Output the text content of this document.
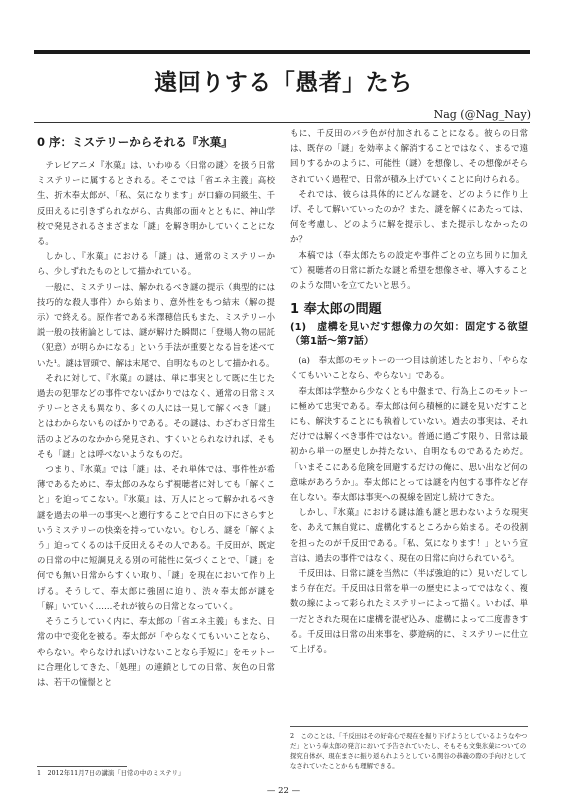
遠回りする「愚者」たち
Nag (@Nag_Nay)
0 序：ミステリーからそれる『氷菓』

テレビアニメ『氷菓』は、いわゆる〈日常の謎〉を扱う日常ミステリーに属するとされる。そこでは「省エネ主義」高校生、折木奉太郎が、「私、気になります」が口癖の同級生、千反田えるに引きずられながら、古典部の面々とともに、神山学校で発見されるさまざまな「謎」を解き明かしていくことになる。

しかし、『氷菓』における「謎」は、通常のミステリーから、少しずれたものとして描かれている。

一般に、ミステリーは、解かれるべき謎の提示（典型的には技巧的な殺人事件）から始まり、意外性をもつ結末（解の提示）で終える。原作者である米澤穂信氏もまた、ミステリー小説一般の技術論としては、謎が解けた瞬間に「登場人物の屈託（犯意）が明らかになる」という手法が重要となる旨を述べていた¹。謎は冒頭で、解は末尾で、自明なものとして描かれる。

それに対して、『氷菓』の謎は、単に事実として既に生じた過去の犯罪などの事件でないばかりではなく、通常の日常ミステリーとさえも異なり、多くの人には一見して解くべき「謎」とはわからないものばかりである。その謎は、わざわざ日常生活のよどみのなかから発見され、すくいとられなければ、そもそも「謎」とは呼べないようなものだ。

つまり、『氷菓』では「謎」は、それ単体では、事件性が希薄であるために、奉太郎のみならず視聴者に対しても「解くこと」を迫ってこない。『氷菓』は、万人にとって解かれるべき謎を過去の単一の事実へと遡行することで白日の下にさらすというミステリーの快楽を持っていない。むしろ、謎を「解くよう」迫ってくるのは千反田えるその人である。千反田が、既定の日常の中に短調見える別の可能性に気づくことで、「謎」を何でも無い日常からすくい取り、「謎」を現在において作り上げる。そうして、奉太郎に強固に迫り、渋々奉太郎が謎を「解」いていく……それが彼らの日常となっていく。

そうこうしていく内に、奉太郎の「省エネ主義」もまた、日常の中で変化を被る。奉太郎が「やらなくてもいいことなら、やらない。やらなければいけないことなら手短に」をモットーに合理化してきた、「処理」の連鎖としての日常、灰色の日常は、若干の憧憬とと

1　2012年11月7日の講演「日常の中のミステリ」

もに、千反田のバラ色が付加されることになる。彼らの日常は、既存の「謎」を効率よく解消することではなく、まるで遠回りするかのように、可能性（謎）を想像し、その想像がそらされていく過程で、日常が積み上げていくことに向けられる。

それでは、彼らは具体的にどんな謎を、どのように作り上げ、そして解いていったのか？また、謎を解くにあたっては、何を考慮し、どのように解を提示し、また提示しなかったのか？

本稿では（奉太郎たちの設定や事件ごとの立ち回りに加えて）視聴者の日常に新たな謎と希望を想像させ、導入することのような問いを立てたいと思う。

1 奉太郎の問題
(1)　虚構を見いだす想像力の欠如：固定する欲望（第1話〜第7話）

(a)　奉太郎のモットーの一つ目は前述したとおり、「やらなくてもいいことなら、やらない」である。

奉太郎は学整から少なくとも中盤まで、行為上このモットーに極めて忠実である。奉太郎は何ら積極的に謎を見いだすことにも、解決することにも執着していない。過去の事実は、それだけでは解くべき事件ではない。普通に過ごす限り、日常は最初から単一の歴史しか持たない、自明なものであるためだ。「いまそこにある危険を回避するだけの俺に、思い出など何の意味があろうか」。奉太郎にとっては謎を内包する事件など存在しない。奉太郎は事実への視線を固定し続けてきた。

しかし、『氷菓』における謎は誰も謎と思わないような現実を、あえて無自覚に、虚構化するところから始まる。その役割を担ったのが千反田である。「私、気になります！」という宣言は、過去の事件ではなく、現在の日常に向けられている²。

千反田は、日常に謎を当然に（半ば強迫的に）見いだしてしまう存在だ。千反田は日常を単一の歴史によってではなく、複数の線によって彩られたミステリーによって描く。いわば、単一だとされた現在に虚構を混ぜ込み、虚構によって二度書きする。千反田は日常の出来事を、夢遊病的に、ミステリーに仕立て上げる。

2　このことは、「千反田はその好奇心で現在を掘り下げようとしているようなやつだ」という奉太郎の発言において予告されていたし、そもそも文集氷菓についての探究自体が、現在まさに振り返られようとしている関谷の恭義の際の手向けとしてなされていたことからも理解できる。
— 22 —
